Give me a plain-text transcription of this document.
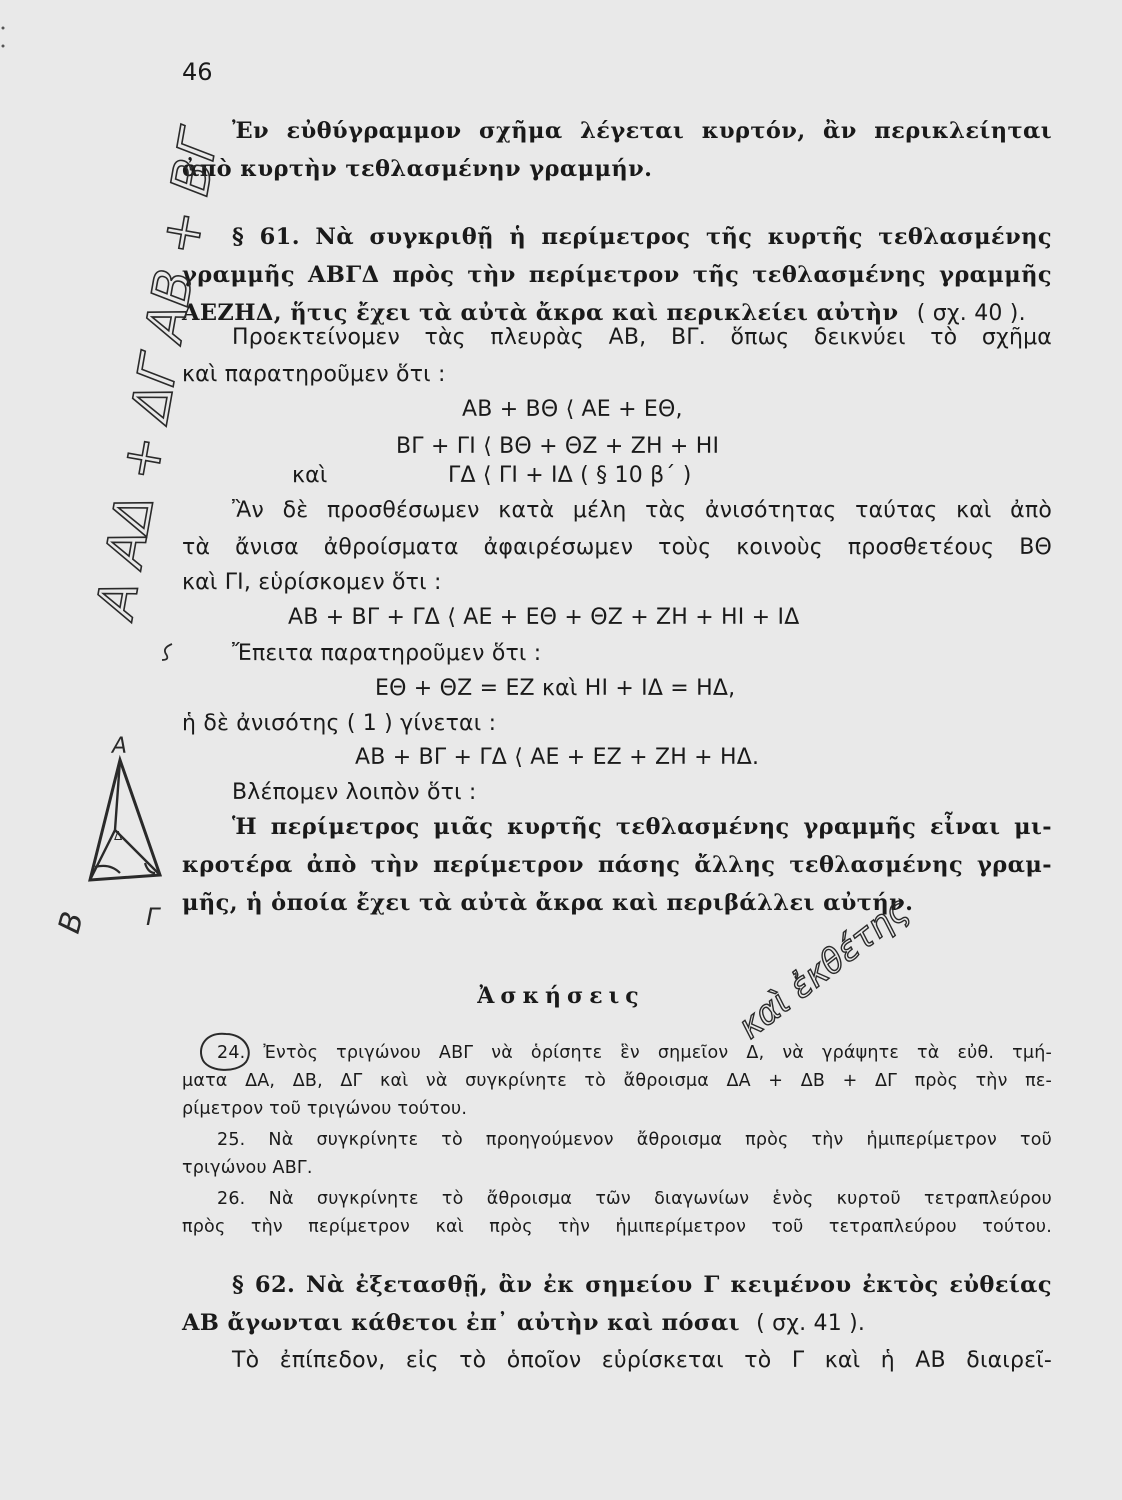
46
Ἐν εὐθύγραμμον σχῆμα λέγεται κυρτόν, ἂν περικλείηται
ἀπὸ κυρτὴν τεθλασμένην γραμμήν.
§ 61. Νὰ συγκριθῇ ἡ περίμετρος τῆς κυρτῆς τεθλασμένης
γραμμῆς ΑΒΓΔ πρὸς τὴν περίμετρον τῆς τεθλασμένης γραμμῆς
ΑΕΖΗΔ, ἥτις ἔχει τὰ αὐτὰ ἄκρα καὶ περικλείει αὐτὴν ( σχ. 40 ).
Προεκτείνομεν τὰς πλευρὰς ΑΒ, ΒΓ. ὅπως δεικνύει τὸ σχῆμα
καὶ παρατηροῦμεν ὅτι :
ΑΒ + ΒΘ ⟨ ΑΕ + ΕΘ,
ΒΓ + ΓΙ ⟨ ΒΘ + ΘΖ + ΖΗ + ΗΙ
καὶ	ΓΔ ⟨ ΓΙ + ΙΔ ( § 10 β΄ )
Ἂν δὲ προσθέσωμεν κατὰ μέλη τὰς ἀνισότητας ταύτας καὶ ἀπὸ
τὰ ἄνισα ἀθροίσματα ἀφαιρέσωμεν τοὺς κοινοὺς προσθετέους ΒΘ
καὶ ΓΙ, εὑρίσκομεν ὅτι :
ΑΒ + ΒΓ + ΓΔ ⟨ ΑΕ + ΕΘ + ΘΖ + ΖΗ + ΗΙ + ΙΔ
Ἔπειτα παρατηροῦμεν ὅτι :
ΕΘ + ΘΖ = ΕΖ καὶ ΗΙ + ΙΔ = ΗΔ,
ἡ δὲ ἀνισότης ( 1 ) γίνεται :
ΑΒ + ΒΓ + ΓΔ ⟨ ΑΕ + ΕΖ + ΖΗ + ΗΔ.
Βλέπομεν λοιπὸν ὅτι :
Ἡ περίμετρος μιᾶς κυρτῆς τεθλασμένης γραμμῆς εἶναι μι-
κροτέρα ἀπὸ τὴν περίμετρον πάσης ἄλλης τεθλασμένης γραμ-
μῆς, ἡ ὁποία ἔχει τὰ αὐτὰ ἄκρα καὶ περιβάλλει αὐτήν.
Ἀσκήσεις
24. Ἐντὸς τριγώνου ΑΒΓ νὰ ὁρίσητε ἓν σημεῖον Δ, νὰ γράψητε τὰ εὐθ. τμή-
ματα ΔΑ, ΔΒ, ΔΓ καὶ νὰ συγκρίνητε τὸ ἄθροισμα ΔΑ + ΔΒ + ΔΓ πρὸς τὴν πε-
ρίμετρον τοῦ τριγώνου τούτου.
25. Νὰ συγκρίνητε τὸ προηγούμενον ἄθροισμα πρὸς τὴν ἡμιπερίμετρον τοῦ
τριγώνου ΑΒΓ.
26. Νὰ συγκρίνητε τὸ ἄθροισμα τῶν διαγωνίων ἑνὸς κυρτοῦ τετραπλεύρου
πρὸς τὴν περίμετρον καὶ πρὸς τὴν ἡμιπερίμετρον τοῦ τετραπλεύρου τούτου.
§ 62. Νὰ ἐξετασθῇ, ἂν ἐκ σημείου Γ κειμένου ἐκτὸς εὐθείας
ΑΒ ἄγωνται κάθετοι ἐπ᾽ αὐτὴν καὶ πόσαι ( σχ. 41 ).
Τὸ ἐπίπεδον, εἰς τὸ ὁποῖον εὑρίσκεται τὸ Γ καὶ ἡ ΑΒ διαιρεῖ-
Α ΑΔ + ΔΓ ΑΒ + ΒΓ
Α
Β Γ
Δ
καὶ ἐκθέτης
